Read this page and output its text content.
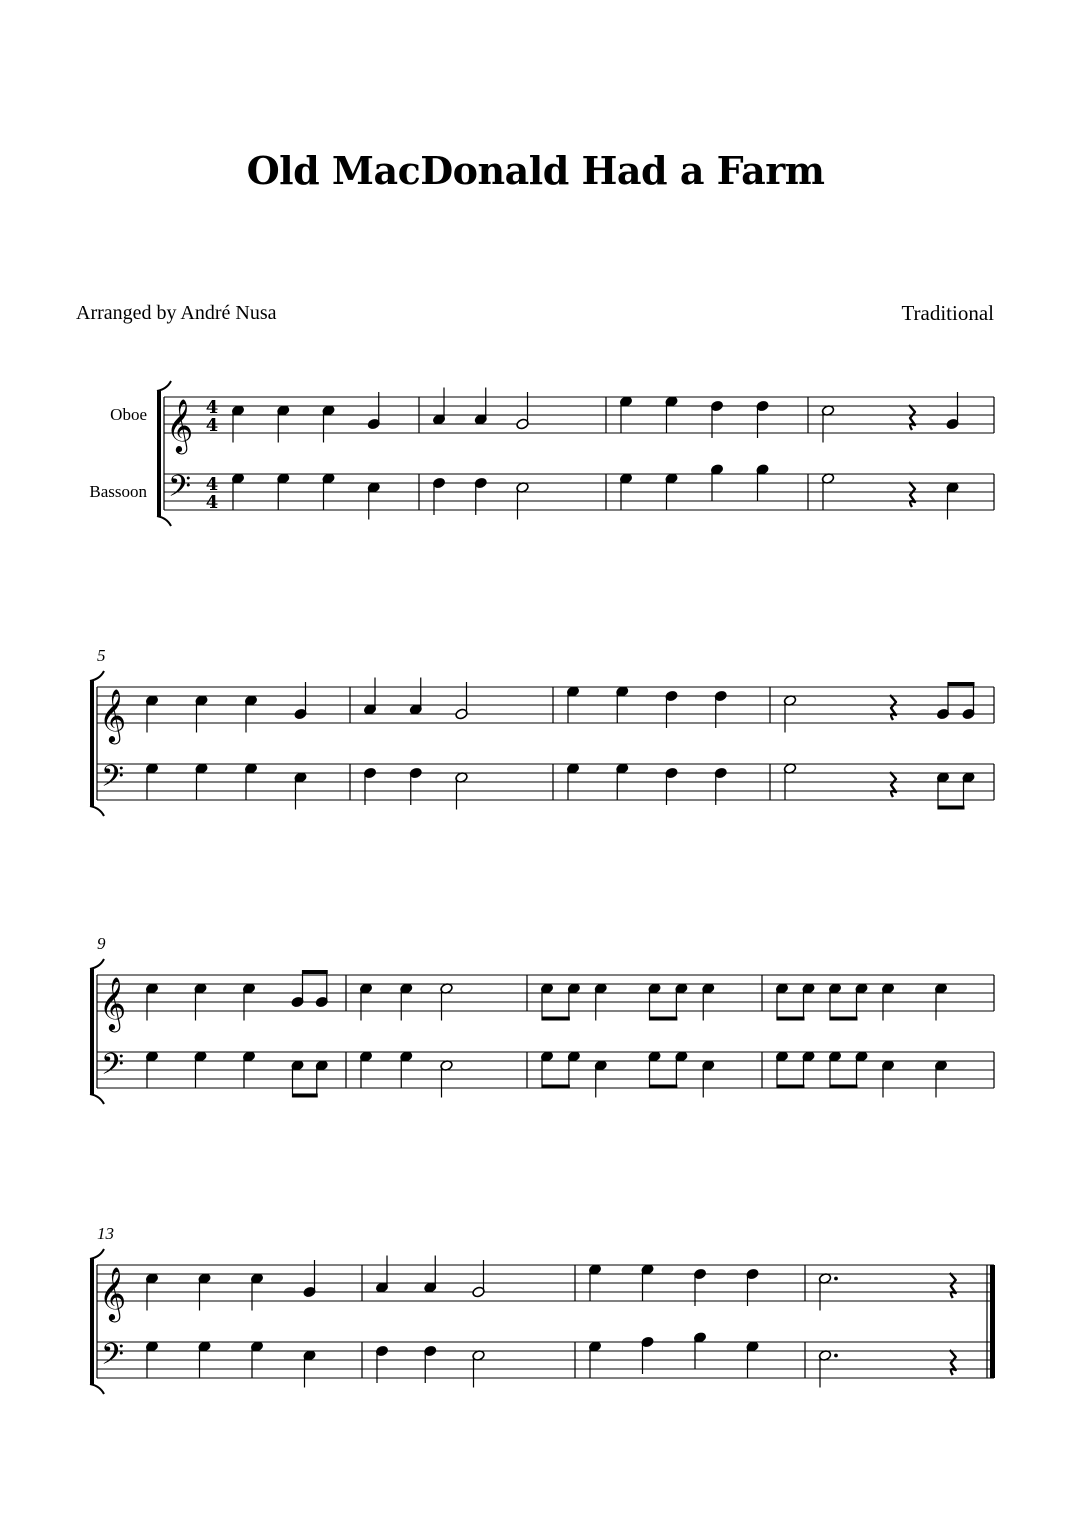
Old MacDonald Had a Farm
Arranged by André Nusa	Traditional
𝄞
𝄢
4
4
4
4
Oboe
Bassoon
𝄞
𝄢
5
𝄞
𝄢
9
𝄞
𝄢
13
